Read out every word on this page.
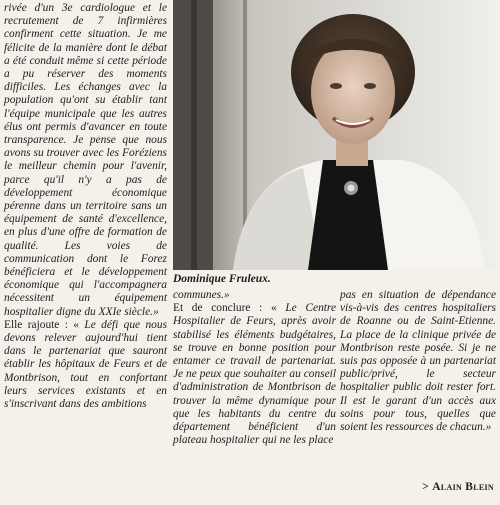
rivée d'un 3e cardiologue et le recrutement de 7 infirmières confirment cette situation. Je me félicite de la manière dont le débat a été conduit même si cette période a pu réserver des moments difficiles. Les échanges avec la population qu'ont su établir tant l'équipe municipale que les autres élus ont permis d'avancer en toute transparence. Je pense que nous avons su trouver avec les Foréziens le meilleur chemin pour l'avenir, parce qu'il n'y a pas de développement économique pérenne dans un territoire sans un équipement de santé d'excellence, en plus d'une offre de formation de qualité. Les voies de communication dont le Forez bénéficiera et le développement économique qui l'accompagnera nécessitent un équipement hospitalier digne du XXIe siècle.»
Elle rajoute : « Le défi que nous devons relever aujourd'hui tient dans le partenariat que sauront établir les hôpitaux de Feurs et de Montbrison, tout en confortant leurs services existants et en s'inscrivant dans des ambitions

Dominique Fruleux.

communes.»
Et de conclure : « Le Centre Hospitalier de Feurs, après avoir stabilisé les éléments budgétaires, se trouve en bonne position pour entamer ce travail de partenariat. Je ne peux que souhaiter au conseil d'administration de Montbrison de trouver la même dynamique pour que les habitants du centre du département bénéficient d'un plateau hospitalier qui ne les place

pas en situation de dépendance vis-à-vis des centres hospitaliers de Roanne ou de Saint-Etienne. La place de la clinique privée de Montbrison reste posée. Si je ne suis pas opposée à un partenariat public/privé, le secteur hospitalier public doit rester fort. Il est le garant d'un accès aux soins pour tous, quelles que soient les ressources de chacun.»

> Alain Blein
